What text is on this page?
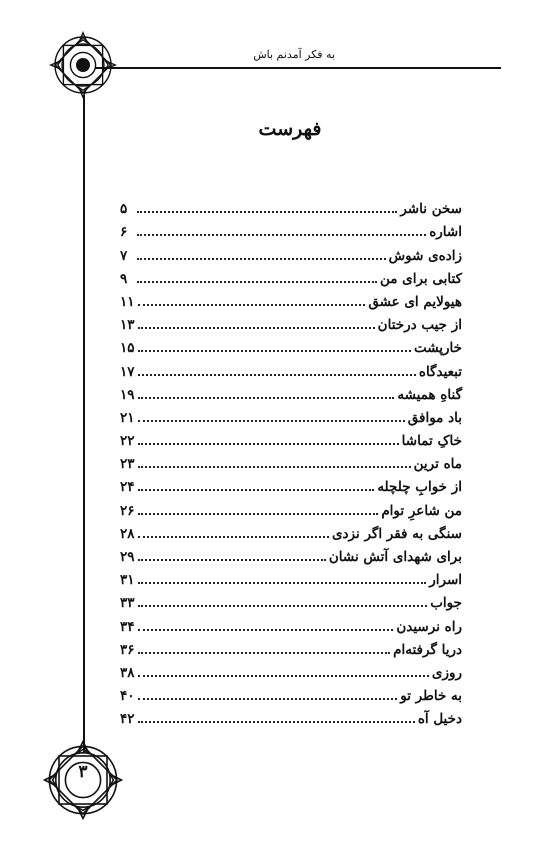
به فکر آمدنم باش
۳
فهرست
سخن ناشر
۵
اشاره
۶
زاده‌ی شوش
۷
کتابی برای من
۹
هیولایم ای عشق
۱۱
از جیب درختان
۱۳
خارپشت
۱۵
تبعیدگاه
۱۷
گناهِ همیشه
۱۹
باد موافق
۲۱
خاکِ تماشا
۲۲
ماه ترین
۲۳
از خوابِ چلچله
۲۴
من شاعرِ توام
۲۶
سنگی به فقر اگر نزدی
۲۸
برای شهدای آتش نشان
۲۹
اسرار
۳۱
جواب
۳۳
راه نرسیدن
۳۴
دریا گرفته‌ام
۳۶
روزی
۳۸
به خاطر تو
۴۰
دخیل آه
۴۲
